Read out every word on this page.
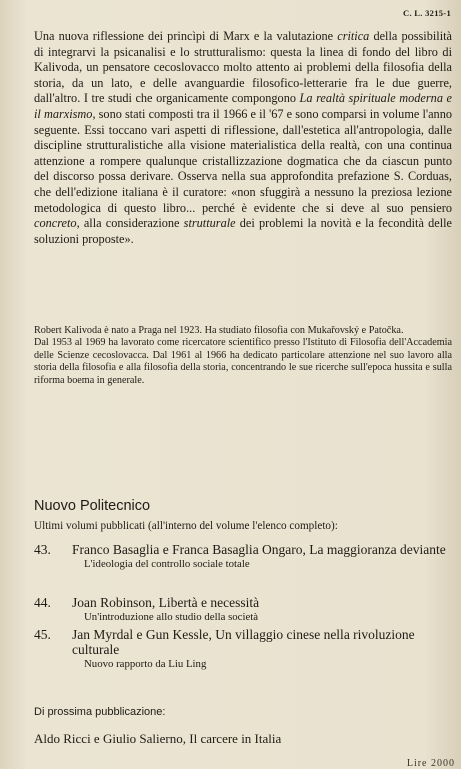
C. L. 3215-1
Una nuova riflessione dei princìpi di Marx e la valutazione critica della possibilità di integrarvi la psicanalisi e lo strutturalismo: questa la linea di fondo del libro di Kalivoda, un pensatore cecoslovacco molto attento ai problemi della filosofia della storia, da un lato, e delle avanguardie filosofico-letterarie fra le due guerre, dall'altro. I tre studi che organicamente compongono La realtà spirituale moderna e il marxismo, sono stati composti tra il 1966 e il '67 e sono comparsi in volume l'anno seguente. Essi toccano vari aspetti di riflessione, dall'estetica all'antropologia, dalle discipline strutturalistiche alla visione materialistica della realtà, con una continua attenzione a rompere qualunque cristallizzazione dogmatica che da ciascun punto del discorso possa derivare. Osserva nella sua approfondita prefazione S. Corduas, che dell'edizione italiana è il curatore: «non sfuggirà a nessuno la preziosa lezione metodologica di questo libro... perché è evidente che si deve al suo pensiero concreto, alla considerazione strutturale dei problemi la novità e la fecondità delle soluzioni proposte».

Robert Kalivoda è nato a Praga nel 1923. Ha studiato filosofia con Mukařovský e Patočka.

Dal 1953 al 1969 ha lavorato come ricercatore scientifico presso l'Istituto di Filosofia dell'Accademia delle Scienze cecoslovacca. Dal 1961 al 1966 ha dedicato particolare attenzione nel suo lavoro alla storia della filosofia e alla filosofia della storia, concentrando le sue ricerche sull'epoca hussita e sulla riforma boema in generale.

Nuovo Politecnico
Ultimi volumi pubblicati (all'interno del volume l'elenco completo):
43. Franco Basaglia e Franca Basaglia Ongaro, La maggioranza deviante
L'ideologia del controllo sociale totale
44. Joan Robinson, Libertà e necessità
Un'introduzione allo studio della società
45. Jan Myrdal e Gun Kessle, Un villaggio cinese nella rivoluzione culturale
Nuovo rapporto da Liu Ling
Di prossima pubblicazione:
Aldo Ricci e Giulio Salierno, Il carcere in Italia
Lire 2000
